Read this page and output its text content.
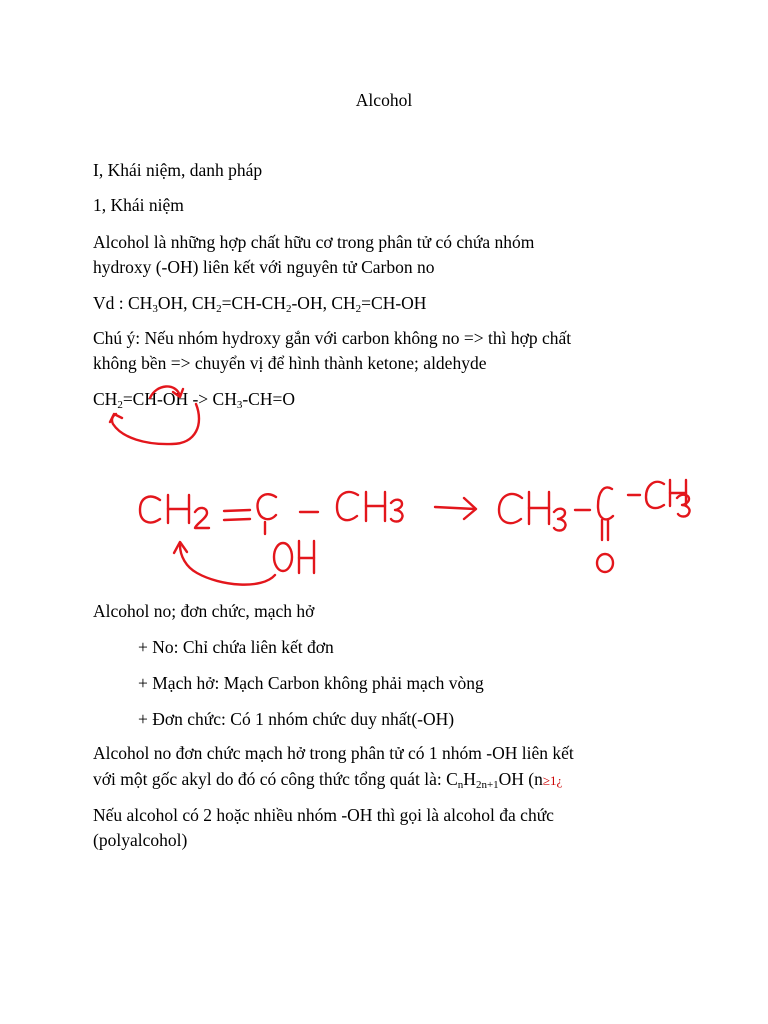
Alcohol
I, Khái niệm, danh pháp
1, Khái niệm
Alcohol là những hợp chất hữu cơ trong phân tử có chứa nhóm
hydroxy (-OH) liên kết với nguyên tử Carbon no
Vd : $CH_3OH$, $CH_2=CH-CH_2-OH$, $CH_2=CH-OH$
Chú ý: Nếu nhóm hydroxy gắn với carbon không no => thì hợp chất
không bền => chuyển vị để hình thành ketone; aldehyde
$CH_2=CH-OH -> CH_3-CH=O$
Alcohol no; đơn chức, mạch hở
+ No: Chỉ chứa liên kết đơn
+ Mạch hở: Mạch Carbon không phải mạch vòng
+ Đơn chức: Có 1 nhóm chức duy nhất(-OH)
Alcohol no đơn chức mạch hở trong phân tử có 1 nhóm -OH liên kết
với một gốc akyl do đó có công thức tổng quát là: $C_nH_{2n+1}OH$ (n≥1¿
Nếu alcohol có 2 hoặc nhiều nhóm -OH thì gọi là alcohol đa chức
(polyalcohol)
